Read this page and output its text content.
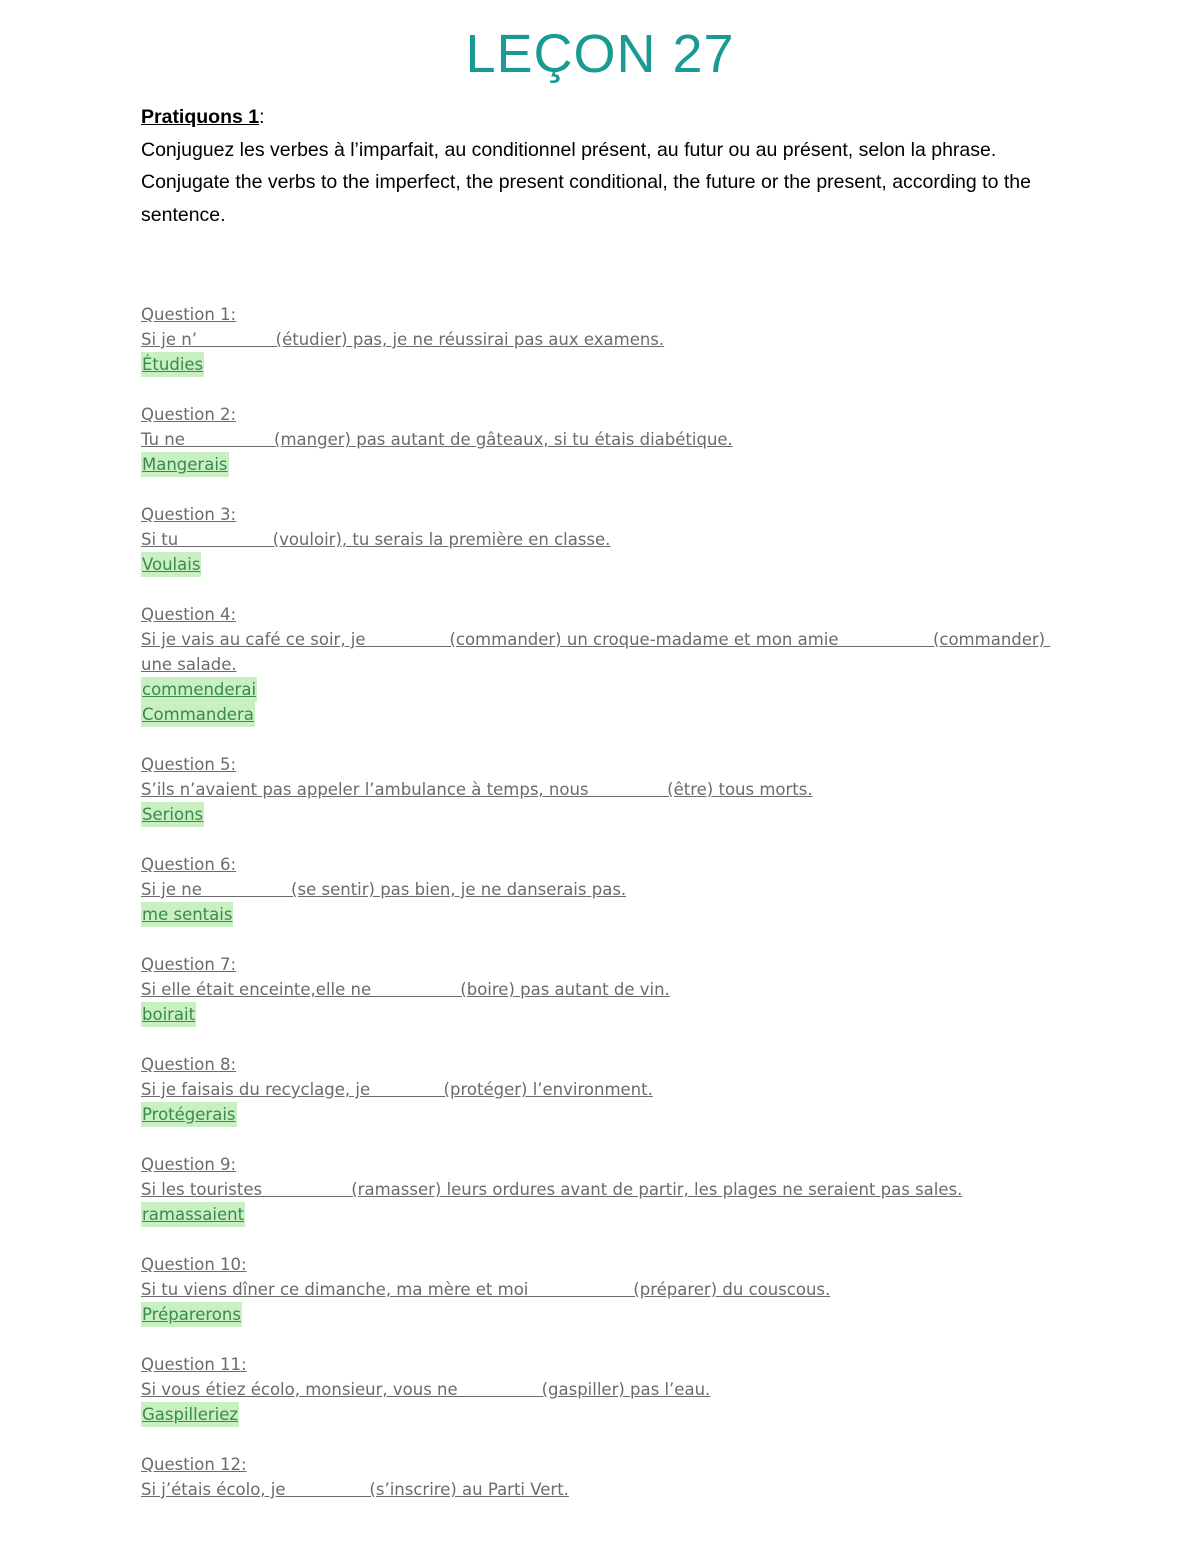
LEÇON 27

Pratiquons 1:

Conjuguez les verbes à l’imparfait, au conditionnel présent, au futur ou au présent, selon la phrase.

Conjugate the verbs to the imperfect, the present conditional, the future or the present, according to the sentence.

Question 1:
Si je n’               (étudier) pas, je ne réussirai pas aux examens.
Étudies
Question 2:
Tu ne                 (manger) pas autant de gâteaux, si tu étais diabétique.
Mangerais
Question 3:
Si tu                  (vouloir), tu serais la première en classe.
Voulais
Question 4:
Si je vais au café ce soir, je                (commander) un croque-madame et mon amie                  (commander) une salade.
commenderai
Commandera
Question 5:
S’ils n’avaient pas appeler l’ambulance à temps, nous               (être) tous morts.
Serions
Question 6:
Si je ne                 (se sentir) pas bien, je ne danserais pas.
me sentais
Question 7:
Si elle était enceinte,elle ne                 (boire) pas autant de vin.
boirait
Question 8:
Si je faisais du recyclage, je              (protéger) l’environment.
Protégerais
Question 9:
Si les touristes                 (ramasser) leurs ordures avant de partir, les plages ne seraient pas sales.
ramassaient
Question 10:
Si tu viens dîner ce dimanche, ma mère et moi                    (préparer) du couscous.
Préparerons
Question 11:
Si vous étiez écolo, monsieur, vous ne                (gaspiller) pas l’eau.
Gaspilleriez
Question 12:
Si j’étais écolo, je                (s’inscrire) au Parti Vert.
